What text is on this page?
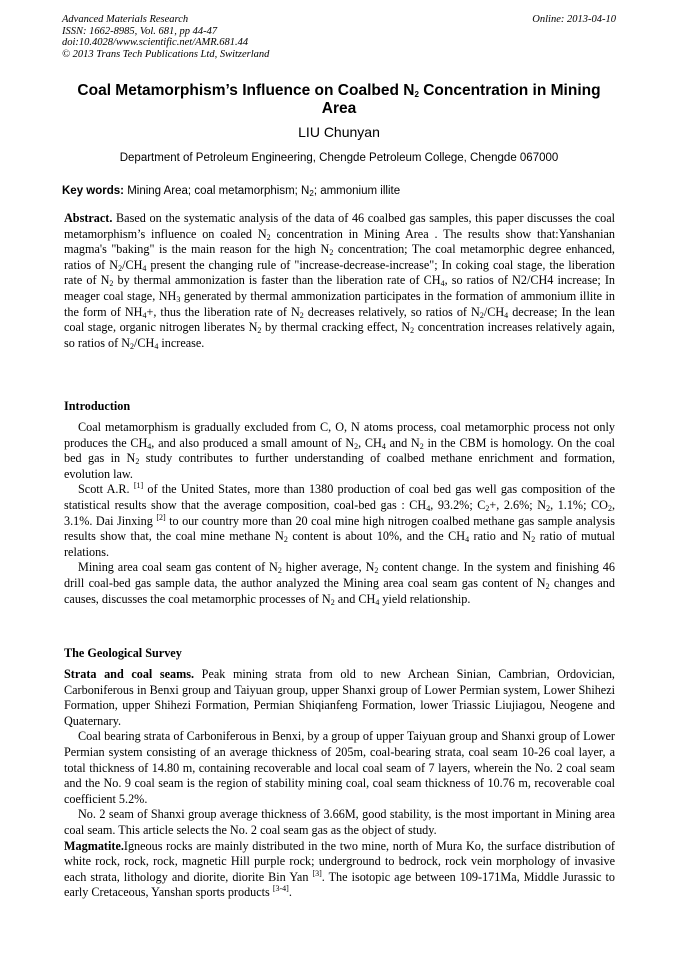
Advanced Materials Research
ISSN: 1662-8985, Vol. 681, pp 44-47
doi:10.4028/www.scientific.net/AMR.681.44
© 2013 Trans Tech Publications Ltd, Switzerland
Online: 2013-04-10
Coal Metamorphism’s Influence on Coalbed $N_2$ Concentration in Mining Area
LIU Chunyan
Department of Petroleum Engineering, Chengde Petroleum College, Chengde 067000
Key words: Mining Area; coal metamorphism; $N_2$; ammonium illite
Abstract. Based on the systematic analysis of the data of 46 coalbed gas samples, this paper discusses the coal metamorphism’s influence on coaled $N_2$ concentration in Mining Area . The results show that:Yanshanian magma's "baking" is the main reason for the high $N_2$ concentration; The coal metamorphic degree enhanced, ratios of $N_2/CH_4$ present the changing rule of "increase-decrease-increase"; In coking coal stage, the liberation rate of $N_2$ by thermal ammonization is faster than the liberation rate of $CH_4$, so ratios of N2/CH4 increase; In meager coal stage, $NH_3$ generated by thermal ammonization participates in the formation of ammonium illite in the form of $NH_4+$, thus the liberation rate of $N_2$ decreases relatively, so ratios of $N_2/CH_4$ decrease; In the lean coal stage, organic nitrogen liberates $N_2$ by thermal cracking effect, $N_2$ concentration increases relatively again, so ratios of $N_2/CH_4$ increase.
Introduction

Coal metamorphism is gradually excluded from C, O, N atoms process, coal metamorphic process not only produces the $CH_4$, and also produced a small amount of $N_2$, $CH_4$ and $N_2$ in the CBM is homology. On the coal bed gas in $N_2$ study contributes to further understanding of coalbed methane enrichment and formation, evolution law.

Scott A.R. [1] of the United States, more than 1380 production of coal bed gas well gas composition of the statistical results show that the average composition, coal-bed gas : $CH_4$, 93.2%; $C_2+$, 2.6%; $N_2$, 1.1%; $CO_2$, 3.1%. Dai Jinxing [2] to our country more than 20 coal mine high nitrogen coalbed methane gas sample analysis results show that, the coal mine methane $N_2$ content is about 10%, and the $CH_4$ ratio and $N_2$ ratio of mutual relations.

Mining area coal seam gas content of $N_2$ higher average, $N_2$ content change. In the system and finishing 46 drill coal-bed gas sample data, the author analyzed the Mining area coal seam gas content of $N_2$ changes and causes, discusses the coal metamorphic processes of $N_2$ and $CH_4$ yield relationship.

The Geological Survey

Strata and coal seams. Peak mining strata from old to new Archean Sinian, Cambrian, Ordovician, Carboniferous in Benxi group and Taiyuan group, upper Shanxi group of Lower Permian system, Lower Shihezi Formation, upper Shihezi Formation, Permian Shiqianfeng Formation, lower Triassic Liujiagou, Neogene and Quaternary.

Coal bearing strata of Carboniferous in Benxi, by a group of upper Taiyuan group and Shanxi group of Lower Permian system consisting of an average thickness of 205m, coal-bearing strata, coal seam 10-26 coal layer, a total thickness of 14.80 m, containing recoverable and local coal seam of 7 layers, wherein the No. 2 coal seam and the No. 9 coal seam is the region of stability mining coal, coal seam thickness of 10.76 m, recoverable coal coefficient 5.2%.

No. 2 seam of Shanxi group average thickness of 3.66M, good stability, is the most important in Mining area coal seam. This article selects the No. 2 coal seam gas as the object of study.

Magmatite.Igneous rocks are mainly distributed in the two mine, north of Mura Ko, the surface distribution of white rock, rock, rock, magnetic Hill purple rock; underground to bedrock, rock vein morphology of invasive each strata, lithology and diorite, diorite Bin Yan [3]. The isotopic age between 109-171Ma, Middle Jurassic to early Cretaceous, Yanshan sports products [3-4].
